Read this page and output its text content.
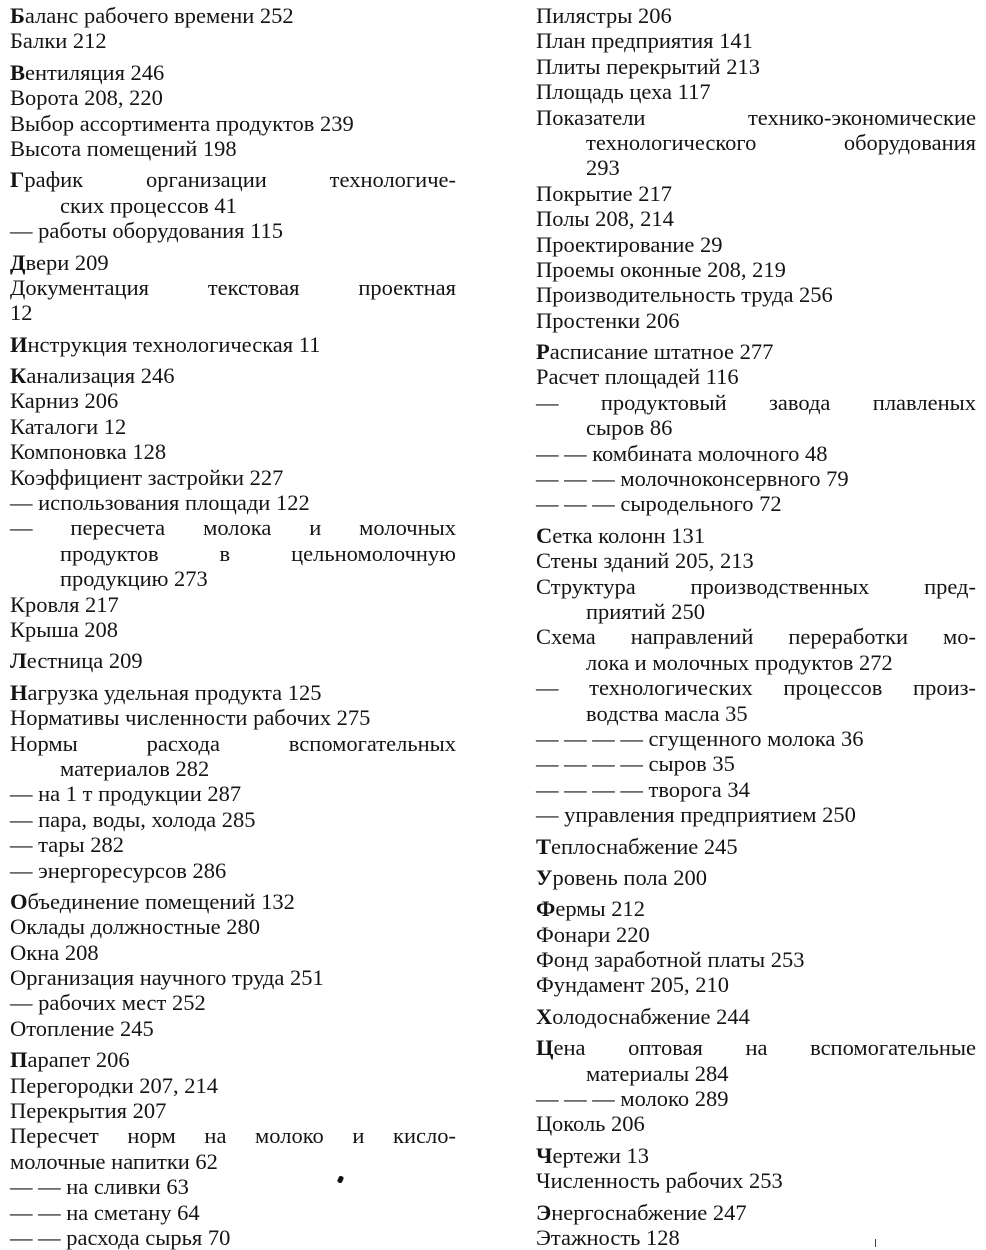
Баланс рабочего времени 252
Балки 212
Вентиляция 246
Ворота 208, 220
Выбор ассортимента продуктов 239
Высота помещений 198
График организации технологиче-
ских процессов 41
— работы оборудования 115
Двери 209
Документация текстовая проектная
12
Инструкция технологическая 11
Канализация 246
Карниз 206
Каталоги 12
Компоновка 128
Коэффициент застройки 227
— использования площади 122
— пересчета молока и молочных
продуктов в цельномолочную
продукцию 273
Кровля 217
Крыша 208
Лестница 209
Нагрузка удельная продукта 125
Нормативы численности рабочих 275
Нормы расхода вспомогательных
материалов 282
— на 1 т продукции 287
— пара, воды, холода 285
— тары 282
— энергоресурсов 286
Объединение помещений 132
Оклады должностные 280
Окна 208
Организация научного труда 251
— рабочих мест 252
Отопление 245
Парапет 206
Перегородки 207, 214
Перекрытия 207
Пересчет норм на молоко и кисло-
молочные напитки 62
— — на сливки 63
— — на сметану 64
— — расхода сырья 70
Пилястры 206
План предприятия 141
Плиты перекрытий 213
Площадь цеха 117
Показатели технико-экономические
технологического оборудования
293
Покрытие 217
Полы 208, 214
Проектирование 29
Проемы оконные 208, 219
Производительность труда 256
Простенки 206
Расписание штатное 277
Расчет площадей 116
— продуктовый завода плавленых
сыров 86
— — комбината молочного 48
— — — молочноконсервного 79
— — — сыродельного 72
Сетка колонн 131
Стены зданий 205, 213
Структура производственных пред-
приятий 250
Схема направлений переработки мо-
лока и молочных продуктов 272
— технологических процессов произ-
водства масла 35
— — — — сгущенного молока 36
— — — — сыров 35
— — — — творога 34
— управления предприятием 250
Теплоснабжение 245
Уровень пола 200
Фермы 212
Фонари 220
Фонд заработной платы 253
Фундамент 205, 210
Холодоснабжение 244
Цена оптовая на вспомогательные
материалы 284
— — — молоко 289
Цоколь 206
Чертежи 13
Численность рабочих 253
Энергоснабжение 247
Этажность 128
